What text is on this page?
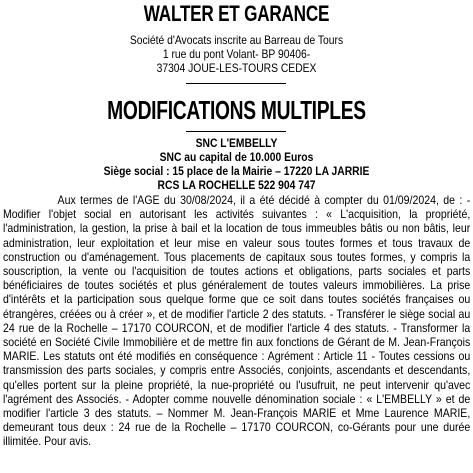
WALTER ET GARANCE
Société d'Avocats inscrite au Barreau de Tours
1 rue du pont Volant- BP 90406-
37304 JOUE-LES-TOURS CEDEX
MODIFICATIONS MULTIPLES
SNC L'EMBELLY
SNC au capital de 10.000 Euros
Siège social : 15 place de la Mairie – 17220 LA JARRIE
RCS LA ROCHELLE 522 904 747
Aux termes de l'AGE du 30/08/2024, il a été décidé à compter du 01/09/2024, de : - Modifier l'objet social en autorisant les activités suivantes : « L'acquisition, la propriété, l'administration, la gestion, la prise à bail et la location de tous immeubles bâtis ou non bâtis, leur administration, leur exploitation et leur mise en valeur sous toutes formes et tous travaux de construction ou d'aménagement. Tous placements de capitaux sous toutes formes, y compris la souscription, la vente ou l'acquisition de toutes actions et obligations, parts sociales et parts bénéficiaires de toutes sociétés et plus généralement de toutes valeurs immobilières. La prise d'intérêts et la participation sous quelque forme que ce soit dans toutes sociétés françaises ou étrangères, créées ou à créer », et de modifier l'article 2 des statuts. - Transférer le siège social au 24 rue de la Rochelle – 17170 COURCON, et de modifier l'article 4 des statuts. - Transformer la société en Société Civile Immobilière et de mettre fin aux fonctions de Gérant de M. Jean-François MARIE. Les statuts ont été modifiés en conséquence : Agrément : Article 11 - Toutes cessions ou transmission des parts sociales, y compris entre Associés, conjoints, ascendants et descendants, qu'elles portent sur la pleine propriété, la nue-propriété ou l'usufruit, ne peut intervenir qu'avec l'agrément des Associés. - Adopter comme nouvelle dénomination sociale : « L'EMBELLY » et de modifier l'article 3 des statuts. – Nommer M. Jean-François MARIE et Mme Laurence MARIE, demeurant tous deux : 24 rue de la Rochelle – 17170 COURCON, co-Gérants pour une durée illimitée. Pour avis.
